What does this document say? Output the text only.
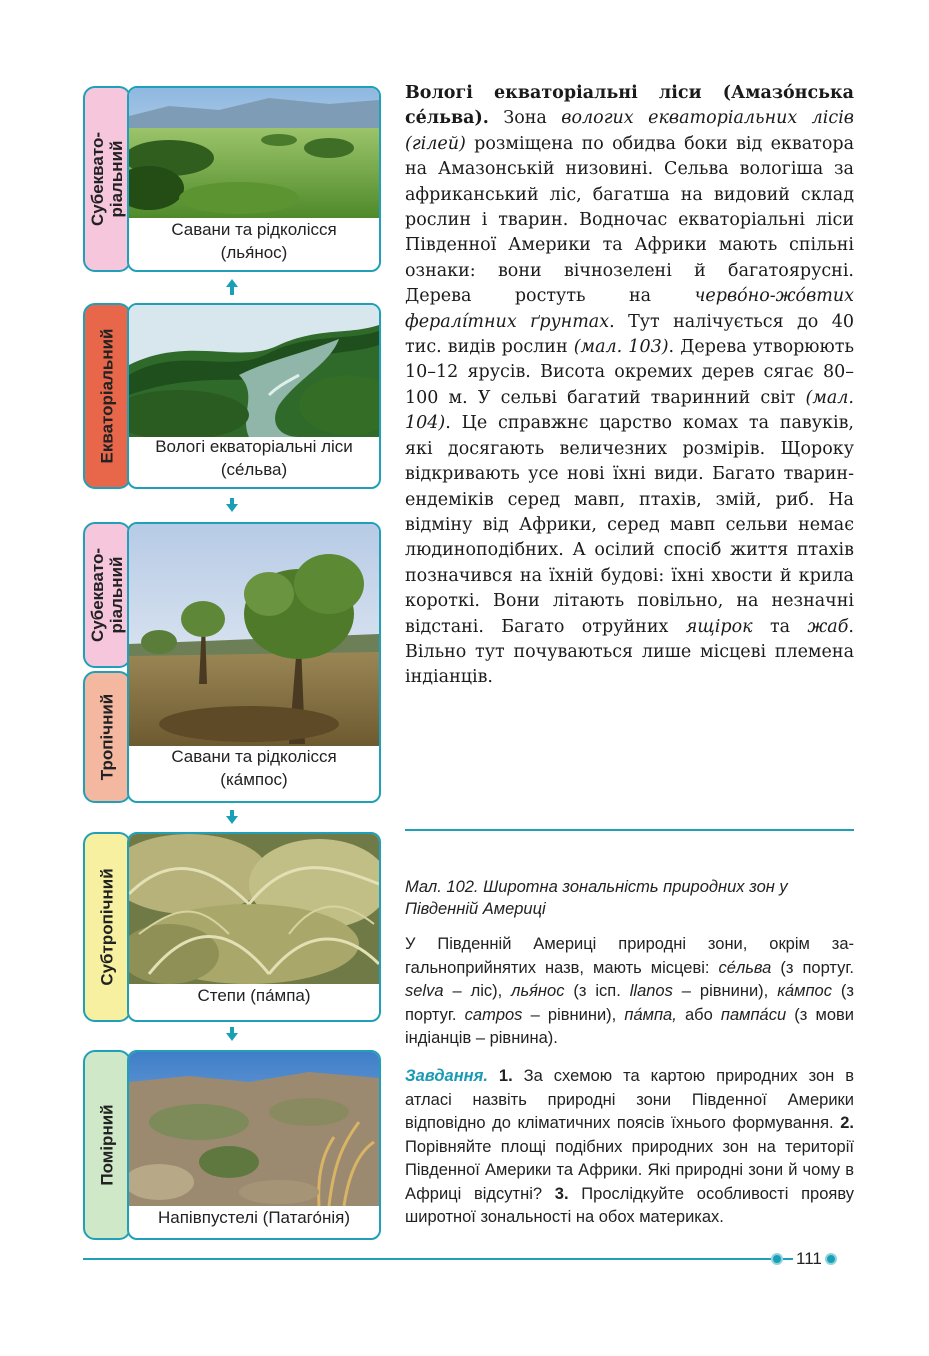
Субеквато-
ріальний
Савани та рідколісся
(лья́нос)
Екваторіальний	Вологі екваторіальні ліси
(се́льва)
Субеквато-
ріальний
Тропічний	Савани та рідколісся
(ка́мпос)
Субтропічний
Степи (па́мпа)
Помірний
Напівпустелі (Патаго́нія)
Вологі екваторіальні ліси (Амазо́нська се́льва). Зона вологих екваторіальних лісів (гілей) розміщена по обидва боки від екватора на Амазонській низовині. Сельва вологіша за африканський ліс, багатша на видовий склад рослин і тварин. Водночас екваторіальні ліси Південної Америки та Африки мають спільні ознаки: вони вічнозелені й багатоярусні. Дерева ростуть на черво́но-жо́втих фералі́тних ґрунтах. Тут налічується до 40 тис. видів рослин (мал. 103). Дерева утворюють 10–12 ярусів. Висота окремих дерев сягає 80–100 м. У сельві багатий тваринний світ (мал. 104). Це справжнє царство комах та павуків, які досягають величезних розмірів. Щороку відкривають усе нові їхні види. Багато тварин-ендеміків серед мавп, птахів, змій, риб. На відміну від Африки, серед мавп сельви немає людиноподібних. А осілий спосіб життя птахів позначився на їхній будові: їхні хвости й крила короткі. Вони літають повільно, на незначні відстані. Багато отруйних ящірок та жаб. Вільно тут почуваються лише місцеві племена індіанців.
Мал. 102. Широтна зональність природних зон у Південній Америці
У Південній Америці природні зони, окрім загальноприйнятих назв, мають місцеві: се́льва (з португ. selva – ліс), лья́нос (з ісп. llanos – рівнини), ка́мпос (з португ. campos – рівнини), па́мпа, або пампа́си (з мови індіанців – рівнина).
Завдання. 1. За схемою та картою природних зон в атласі назвіть природні зони Південної Америки відповідно до кліматичних поясів їхнього формування. 2. Порівняйте площі подібних природних зон на території Південної Америки та Африки. Які природні зони й чому в Африці відсутні? 3. Прослідкуйте особливості прояву широтної зональності на обох материках.
111
